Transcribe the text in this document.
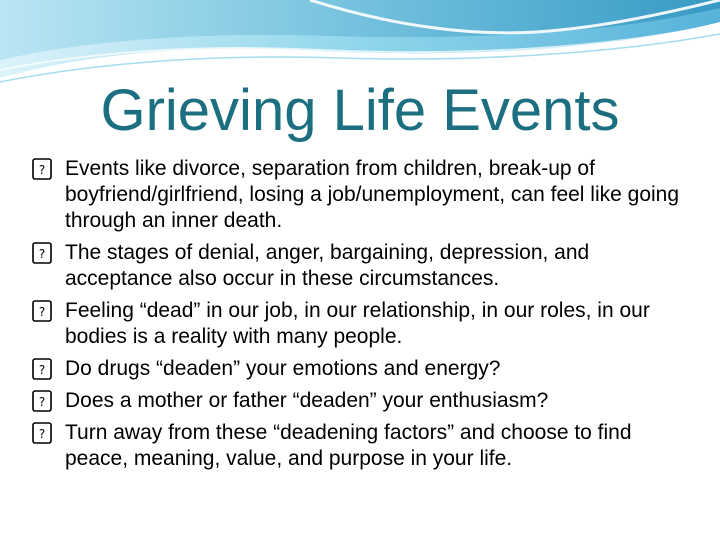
Grieving Life Events
? Events like divorce, separation from children, break-up of boyfriend/girlfriend, losing a job/unemployment, can feel like going through an inner death.
? The stages of denial, anger, bargaining, depression, and acceptance also occur in these circumstances.
? Feeling “dead” in our job, in our relationship, in our roles, in our bodies is a reality with many people.
? Do drugs “deaden” your emotions and energy?
? Does a mother or father “deaden” your enthusiasm?
? Turn away from these “deadening factors” and choose to find peace, meaning, value, and purpose in your life.
